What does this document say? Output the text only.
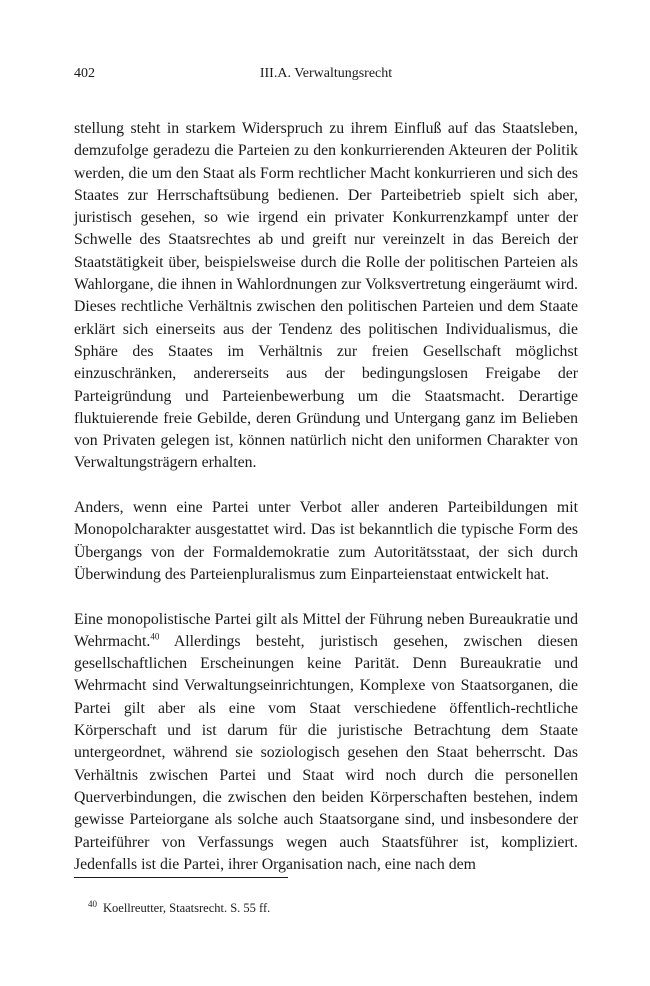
402	III.A. Verwaltungsrecht

stellung steht in starkem Widerspruch zu ihrem Einfluß auf das Staatsleben, demzufolge geradezu die Parteien zu den konkurrierenden Akteuren der Politik werden, die um den Staat als Form rechtlicher Macht konkurrieren und sich des Staates zur Herrschaftsübung bedienen. Der Parteibetrieb spielt sich aber, juristisch gesehen, so wie irgend ein privater Konkurrenzkampf unter der Schwelle des Staatsrechtes ab und greift nur vereinzelt in das Bereich der Staatstätigkeit über, beispielsweise durch die Rolle der politischen Parteien als Wahlorgane, die ihnen in Wahlordnungen zur Volksvertretung eingeräumt wird. Dieses rechtliche Verhältnis zwischen den politischen Parteien und dem Staate erklärt sich einerseits aus der Tendenz des politischen Individualismus, die Sphäre des Staates im Verhältnis zur freien Gesellschaft möglichst einzuschränken, andererseits aus der bedingungslosen Freigabe der Parteigründung und Parteienbewerbung um die Staatsmacht. Derartige fluktuierende freie Gebilde, deren Gründung und Untergang ganz im Belieben von Privaten gelegen ist, können natürlich nicht den uniformen Charakter von Verwaltungsträgern erhalten.

Anders, wenn eine Partei unter Verbot aller anderen Parteibildungen mit Monopolcharakter ausgestattet wird. Das ist bekanntlich die typische Form des Übergangs von der Formaldemokratie zum Autoritätsstaat, der sich durch Überwindung des Parteienpluralismus zum Einparteienstaat entwickelt hat.

Eine monopolistische Partei gilt als Mittel der Führung neben Bureaukratie und Wehrmacht.$^{40}$ Allerdings besteht, juristisch gesehen, zwischen diesen gesellschaftlichen Erscheinungen keine Parität. Denn Bureaukratie und Wehrmacht sind Verwaltungseinrichtungen, Komplexe von Staatsorganen, die Partei gilt aber als eine vom Staat verschiedene öffentlich-rechtliche Körperschaft und ist darum für die juristische Betrachtung dem Staate untergeordnet, während sie soziologisch gesehen den Staat beherrscht. Das Verhältnis zwischen Partei und Staat wird noch durch die personellen Querverbindungen, die zwischen den beiden Körperschaften bestehen, indem gewisse Parteiorgane als solche auch Staatsorgane sind, und insbesondere der Parteiführer von Verfassungs wegen auch Staatsführer ist, kompliziert. Jedenfalls ist die Partei, ihrer Organisation nach, eine nach dem

$^{40}$ Koellreutter, Staatsrecht. S. 55 ff.
